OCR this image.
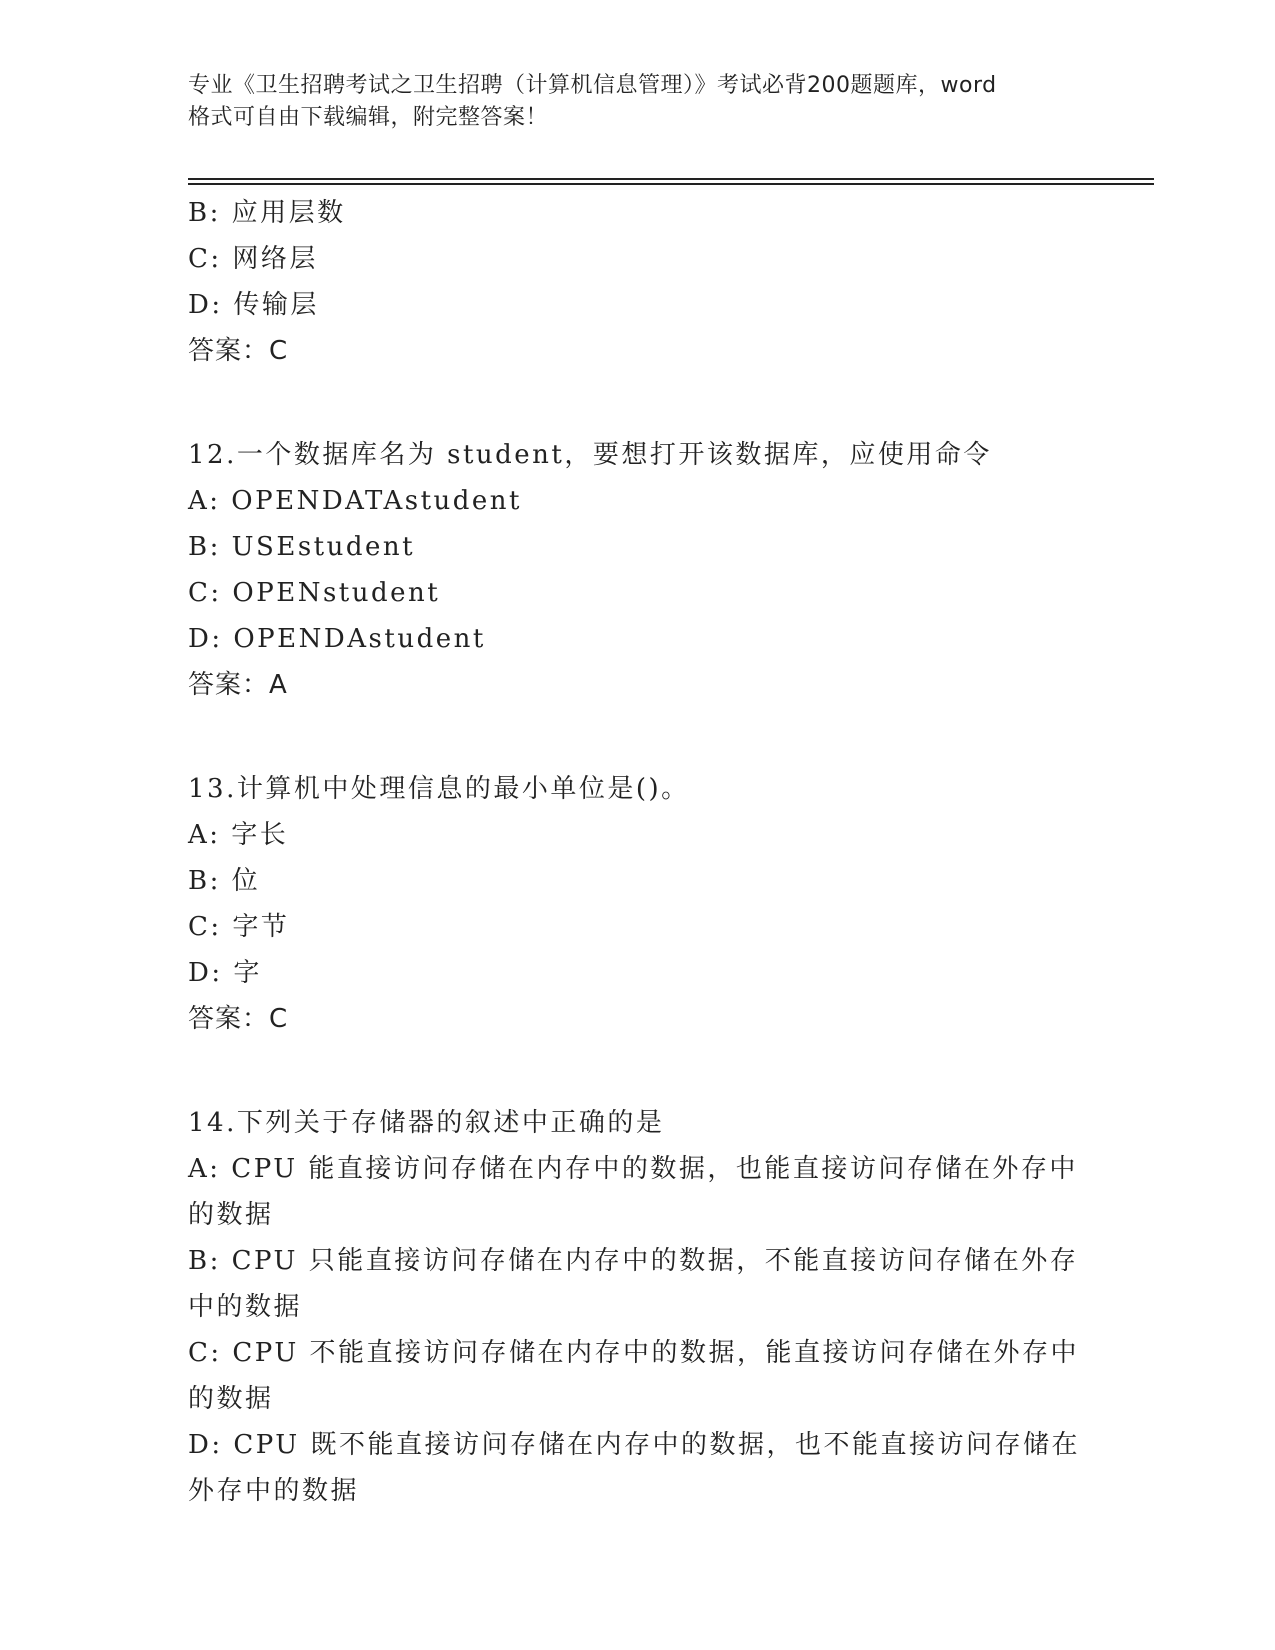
专业《卫生招聘考试之卫生招聘（计算机信息管理）》考试必背200题题库，word
格式可自由下载编辑，附完整答案！
B: 应用层数
C: 网络层
D: 传输层
答案：C
12.一个数据库名为 student，要想打开该数据库，应使用命令
A: OPENDATAstudent
B: USEstudent
C: OPENstudent
D: OPENDAstudent
答案：A
13.计算机中处理信息的最小单位是()。
A: 字长
B: 位
C: 字节
D: 字
答案：C
14.下列关于存储器的叙述中正确的是
A: CPU 能直接访问存储在内存中的数据，也能直接访问存储在外存中
的数据
B: CPU 只能直接访问存储在内存中的数据，不能直接访问存储在外存
中的数据
C: CPU 不能直接访问存储在内存中的数据，能直接访问存储在外存中
的数据
D: CPU 既不能直接访问存储在内存中的数据，也不能直接访问存储在
外存中的数据
